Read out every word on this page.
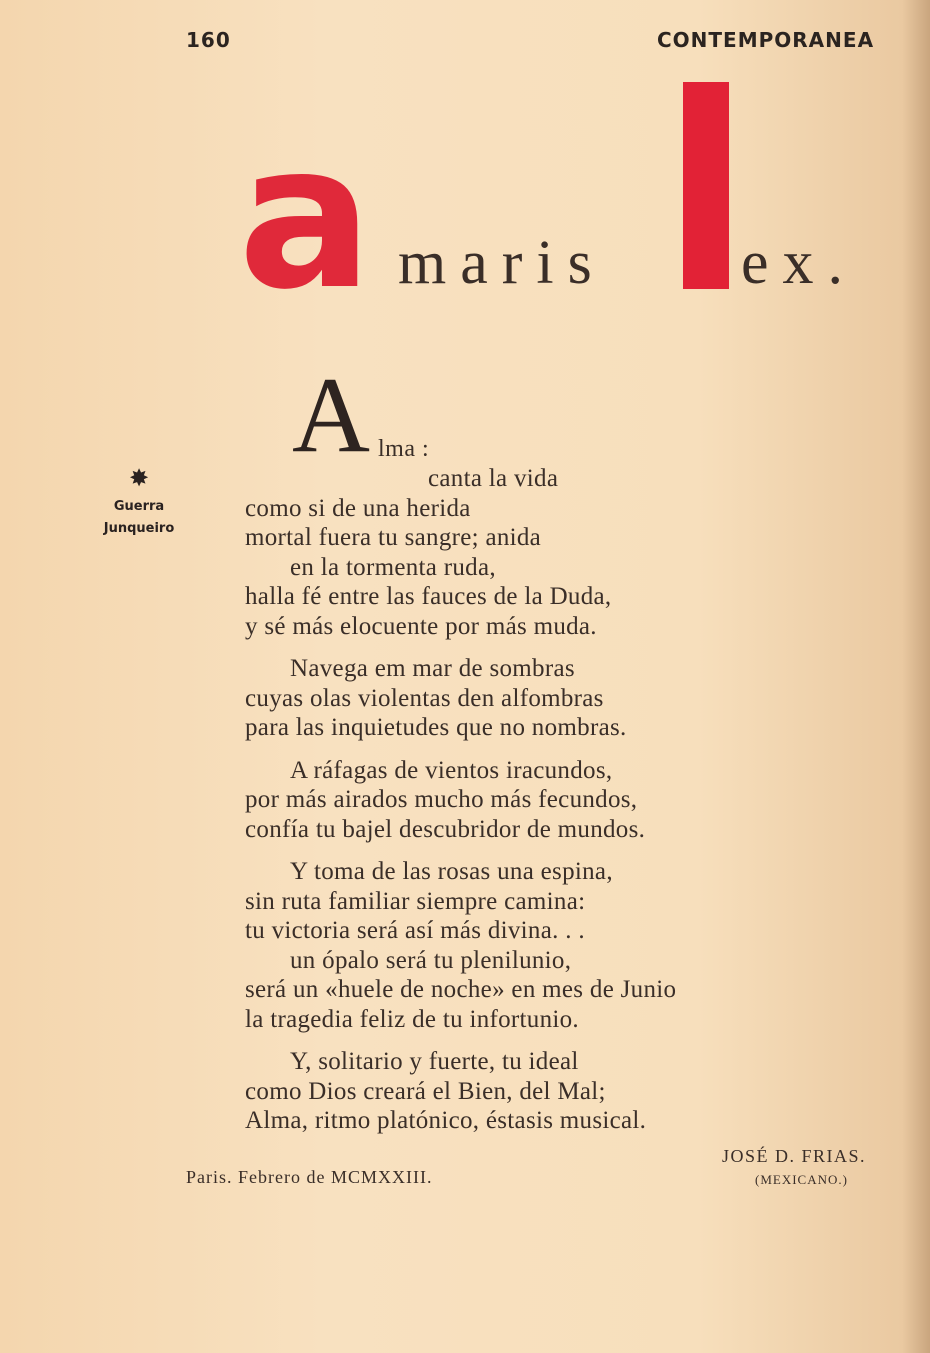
160	CONTEMPORANEA
a maris ex.
✸
Guerra
Junqueiro
A lma :
canta la vida
como si de una herida
mortal fuera tu sangre; anida
en la tormenta ruda,
halla fé entre las fauces de la Duda,
y sé más elocuente por más muda.
Navega em mar de sombras
cuyas olas violentas den alfombras
para las inquietudes que no nombras.
A ráfagas de vientos iracundos,
por más airados mucho más fecundos,
confía tu bajel descubridor de mundos.
Y toma de las rosas una espina,
sin ruta familiar siempre camina:
tu victoria será así más divina. . .
un ópalo será tu plenilunio,
será un «huele de noche» en mes de Junio
la tragedia feliz de tu infortunio.
Y, solitario y fuerte, tu ideal
como Dios creará el Bien, del Mal;
Alma, ritmo platónico, éstasis musical.
Paris. Febrero de MCMXXIII.
JOSÉ D. FRIAS.
(MEXICANO.)
